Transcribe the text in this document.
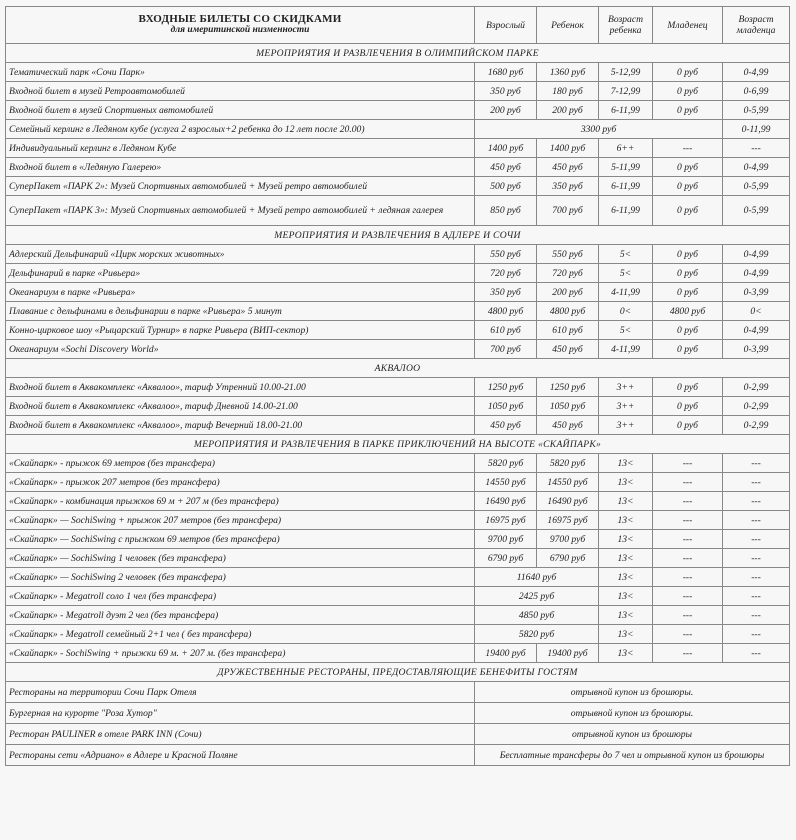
ВХОДНЫЕ БИЛЕТЫ СО СКИДКАМИ
для имеритинской низменности	Взрослый	Ребенок	Возраст ребенка	Младенец	Возраст младенца
МЕРОПРИЯТИЯ И РАЗВЛЕЧЕНИЯ В ОЛИМПИЙСКОМ ПАРКЕ					
Тематический парк «Сочи Парк»	1680 руб	1360 руб	5-12,99	0 руб	0-4,99
Входной билет в музей Ретроавтомобилей	350 руб	180 руб	7-12,99	0 руб	0-6,99
Входной билет в музей Спортивных автомобилей	200 руб	200 руб	6-11,99	0 руб	0-5,99
Семейный керлинг в Ледяном кубе (услуга 2 взрослых+2 ребенка до 12 лет после 20.00)	3300 руб				0-11,99
Индивидуальный керлинг в Ледяном Кубе	1400 руб	1400 руб	6++	---	---
Входной билет в «Ледяную Галерею»	450 руб	450 руб	5-11,99	0 руб	0-4,99
СуперПакет «ПАРК 2»: Музей Спортивных автомобилей + Музей ретро автомобилей	500 руб	350 руб	6-11,99	0 руб	0-5,99
СуперПакет «ПАРК 3»: Музей Спортивных автомобилей + Музей ретро автомобилей + ледяная галерея	850 руб	700 руб	6-11,99	0 руб	0-5,99
МЕРОПРИЯТИЯ И РАЗВЛЕЧЕНИЯ В АДЛЕРЕ И СОЧИ					
Адлерский Дельфинарий «Цирк морских животных»	550 руб	550 руб	5<	0 руб	0-4,99
Дельфинарий в парке «Ривьера»	720 руб	720 руб	5<	0 руб	0-4,99
Океанариум в парке «Ривьера»	350 руб	200 руб	4-11,99	0 руб	0-3,99
Плавание с дельфинами в дельфинарии в парке «Ривьера» 5 минут	4800 руб	4800 руб	0<	4800 руб	0<
Конно-цирковое шоу «Рыцарский Турнир» в парке Ривьера (ВИП-сектор)	610 руб	610 руб	5<	0 руб	0-4,99
Океанариум «Sochi Discovery World»	700 руб	450 руб	4-11,99	0 руб	0-3,99
АКВАЛОО					
Входной билет в Аквакомплекс «Аквалоо», тариф Утренний 10.00-21.00	1250 руб	1250 руб	3++	0 руб	0-2,99
Входной билет в Аквакомплекс «Аквалоо», тариф Дневной 14.00-21.00	1050 руб	1050 руб	3++	0 руб	0-2,99
Входной билет в Аквакомплекс «Аквалоо», тариф Вечерний 18.00-21.00	450 руб	450 руб	3++	0 руб	0-2,99
МЕРОПРИЯТИЯ И РАЗВЛЕЧЕНИЯ В ПАРКЕ ПРИКЛЮЧЕНИЙ НА ВЫСОТЕ «СКАЙПАРК»					
«Скайпарк» - прыжок 69 метров (без трансфера)	5820 руб	5820 руб	13<	---	---
«Скайпарк» - прыжок 207 метров (без трансфера)	14550 руб	14550 руб	13<	---	---
«Скайпарк» - комбинация прыжков 69 м + 207 м (без трансфера)	16490 руб	16490 руб	13<	---	---
«Скайпарк» — SochiSwing + прыжок 207 метров (без трансфера)	16975 руб	16975 руб	13<	---	---
«Скайпарк» — SochiSwing с прыжком 69 метров (без трансфера)	9700 руб	9700 руб	13<	---	---
«Скайпарк» — SochiSwing 1 человек (без трансфера)	6790 руб	6790 руб	13<	---	---
«Скайпарк» — SochiSwing 2 человек (без трансфера)	11640 руб		13<	---	---
«Скайпарк» - Megatroll соло 1 чел (без трансфера)	2425 руб		13<	---	---
«Скайпарк» - Megatroll дуэт 2 чел (без трансфера)	4850 руб		13<	---	---
«Скайпарк» - Megatroll семейный 2+1 чел ( без трансфера)	5820 руб		13<	---	---
«Скайпарк» - SochiSwing + прыжки 69 м. + 207 м. (без трансфера)	19400 руб	19400 руб	13<	---	---
ДРУЖЕСТВЕННЫЕ РЕСТОРАНЫ, ПРЕДОСТАВЛЯЮЩИЕ БЕНЕФИТЫ ГОСТЯМ					
Рестораны на территории Сочи Парк Отеля	отрывной купон из брошюры.				
Бургерная на курорте "Роза Хутор"	отрывной купон из брошюры.				
Ресторан PAULINER в отеле PARK INN (Сочи)	отрывной купон из брошюры				
Рестораны сети «Адриано» в Адлере и Красной Поляне	Бесплатные трансферы до 7 чел и отрывной купон из брошюры				
